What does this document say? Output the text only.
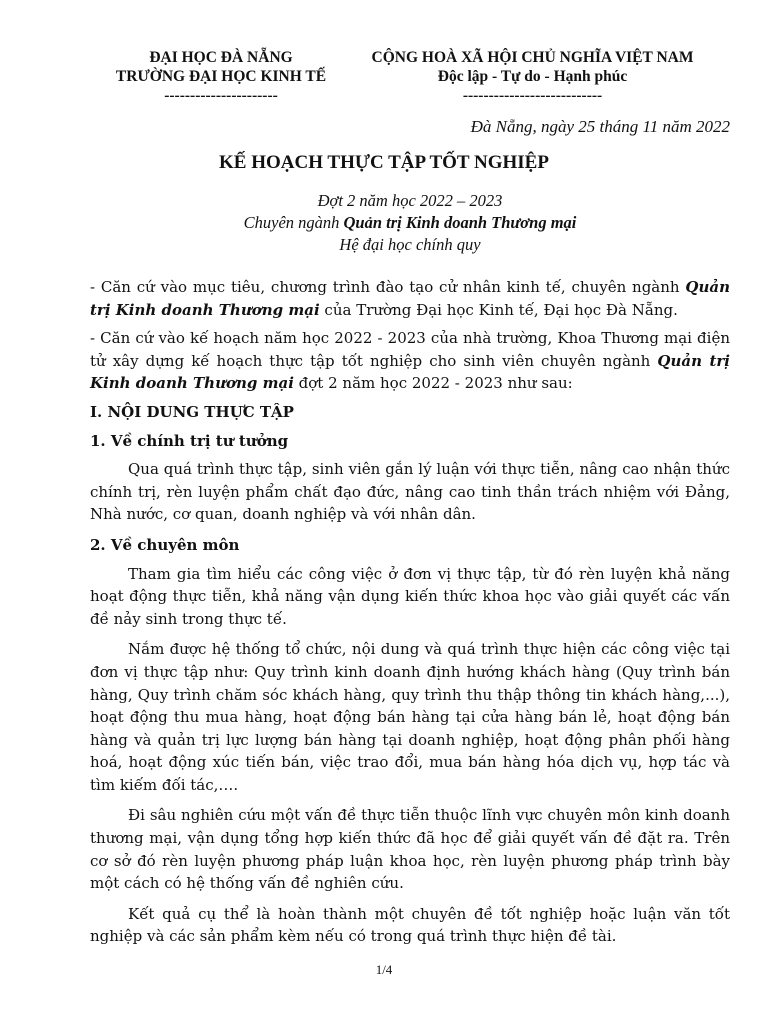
ĐẠI HỌC ĐÀ NẴNG
TRƯỜNG ĐẠI HỌC KINH TẾ
----------------------
CỘNG HOÀ XÃ HỘI CHỦ NGHĨA VIỆT NAM
Độc lập - Tự do - Hạnh phúc
---------------------------
Đà Nẵng, ngày 25 tháng 11 năm 2022
KẾ HOẠCH THỰC TẬP TỐT NGHIỆP
Đợt 2 năm học 2022 – 2023
Chuyên ngành Quản trị Kinh doanh Thương mại
Hệ đại học chính quy

- Căn cứ vào mục tiêu, chương trình đào tạo cử nhân kinh tế, chuyên ngành Quản trị Kinh doanh Thương mại của Trường Đại học Kinh tế, Đại học Đà Nẵng.

- Căn cứ vào kế hoạch năm học 2022 - 2023 của nhà trường, Khoa Thương mại điện tử xây dựng kế hoạch thực tập tốt nghiệp cho sinh viên chuyên ngành Quản trị Kinh doanh Thương mại đợt 2 năm học 2022 - 2023 như sau:

I. NỘI DUNG THỰC TẬP
1. Về chính trị tư tưởng

Qua quá trình thực tập, sinh viên gắn lý luận với thực tiễn, nâng cao nhận thức chính trị, rèn luyện phẩm chất đạo đức, nâng cao tinh thần trách nhiệm với Đảng, Nhà nước, cơ quan, doanh nghiệp và với nhân dân.

2. Về chuyên môn

Tham gia tìm hiểu các công việc ở đơn vị thực tập, từ đó rèn luyện khả năng hoạt động thực tiễn, khả năng vận dụng kiến thức khoa học vào giải quyết các vấn đề nảy sinh trong thực tế.

Nắm được hệ thống tổ chức, nội dung và quá trình thực hiện các công việc tại đơn vị thực tập như: Quy trình kinh doanh định hướng khách hàng (Quy trình bán hàng, Quy trình chăm sóc khách hàng, quy trình thu thập thông tin khách hàng,...), hoạt động thu mua hàng, hoạt động bán hàng tại cửa hàng bán lẻ, hoạt động bán hàng và quản trị lực lượng bán hàng tại doanh nghiệp, hoạt động phân phối hàng hoá, hoạt động xúc tiến bán, việc trao đổi, mua bán hàng hóa dịch vụ, hợp tác và tìm kiếm đối tác,….

Đi sâu nghiên cứu một vấn đề thực tiễn thuộc lĩnh vực chuyên môn kinh doanh thương mại, vận dụng tổng hợp kiến thức đã học để giải quyết vấn đề đặt ra. Trên cơ sở đó rèn luyện phương pháp luận khoa học, rèn luyện phương pháp trình bày một cách có hệ thống vấn đề nghiên cứu.

Kết quả cụ thể là hoàn thành một chuyên đề tốt nghiệp hoặc luận văn tốt nghiệp và các sản phẩm kèm nếu có trong quá trình thực hiện đề tài.

1/4
